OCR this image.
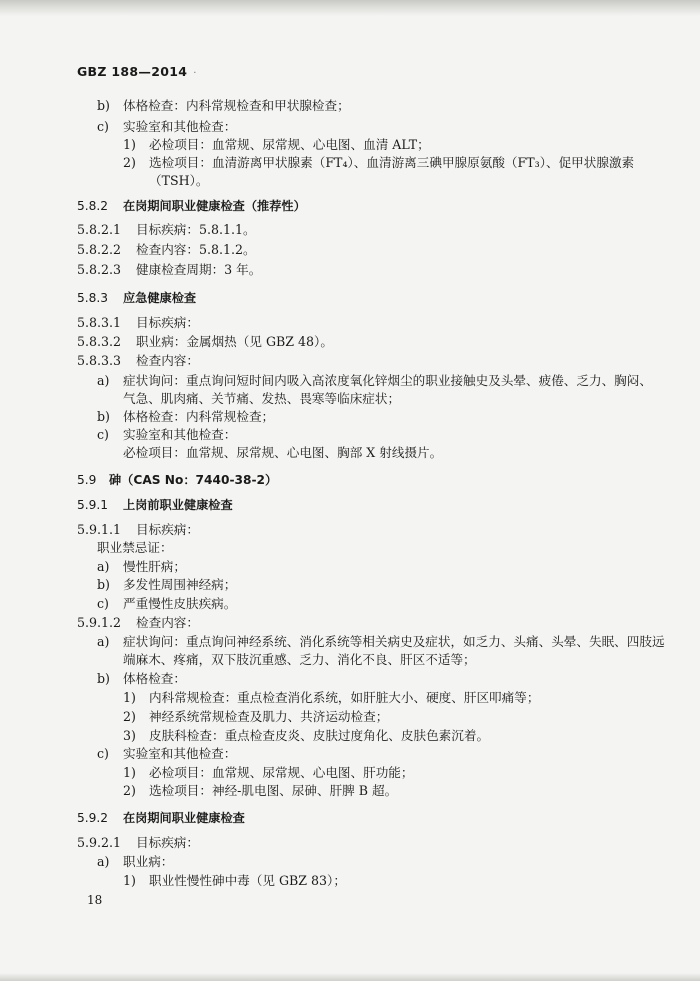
GBZ 188—2014 ·
b) 体格检查：内科常规检查和甲状腺检查；
c) 实验室和其他检查：
1) 必检项目：血常规、尿常规、心电图、血清 ALT；
2) 选检项目：血清游离甲状腺素（FT₄）、血清游离三碘甲腺原氨酸（FT₃）、促甲状腺激素
（TSH）。
5.8.2 在岗期间职业健康检查（推荐性）
5.8.2.1 目标疾病：5.8.1.1。
5.8.2.2 检查内容：5.8.1.2。
5.8.2.3 健康检查周期：3 年。
5.8.3 应急健康检查
5.8.3.1 目标疾病：
5.8.3.2 职业病：金属烟热（见 GBZ 48）。
5.8.3.3 检查内容：
a) 症状询问：重点询问短时间内吸入高浓度氧化锌烟尘的职业接触史及头晕、疲倦、乏力、胸闷、
气急、肌肉痛、关节痛、发热、畏寒等临床症状；
b) 体格检查：内科常规检查；
c) 实验室和其他检查：
必检项目：血常规、尿常规、心电图、胸部 X 射线摄片。
5.9 砷（CAS No：7440-38-2）
5.9.1 上岗前职业健康检查
5.9.1.1 目标疾病：
职业禁忌证：
a) 慢性肝病；
b) 多发性周围神经病；
c) 严重慢性皮肤疾病。
5.9.1.2 检查内容：
a) 症状询问：重点询问神经系统、消化系统等相关病史及症状，如乏力、头痛、头晕、失眠、四肢远
端麻木、疼痛，双下肢沉重感、乏力、消化不良、肝区不适等；
b) 体格检查：
1) 内科常规检查：重点检查消化系统，如肝脏大小、硬度、肝区叩痛等；
2) 神经系统常规检查及肌力、共济运动检查；
3) 皮肤科检查：重点检查皮炎、皮肤过度角化、皮肤色素沉着。
c) 实验室和其他检查：
1) 必检项目：血常规、尿常规、心电图、肝功能；
2) 选检项目：神经-肌电图、尿砷、肝脾 B 超。
5.9.2 在岗期间职业健康检查
5.9.2.1 目标疾病：
a) 职业病：
1) 职业性慢性砷中毒（见 GBZ 83）；
18
